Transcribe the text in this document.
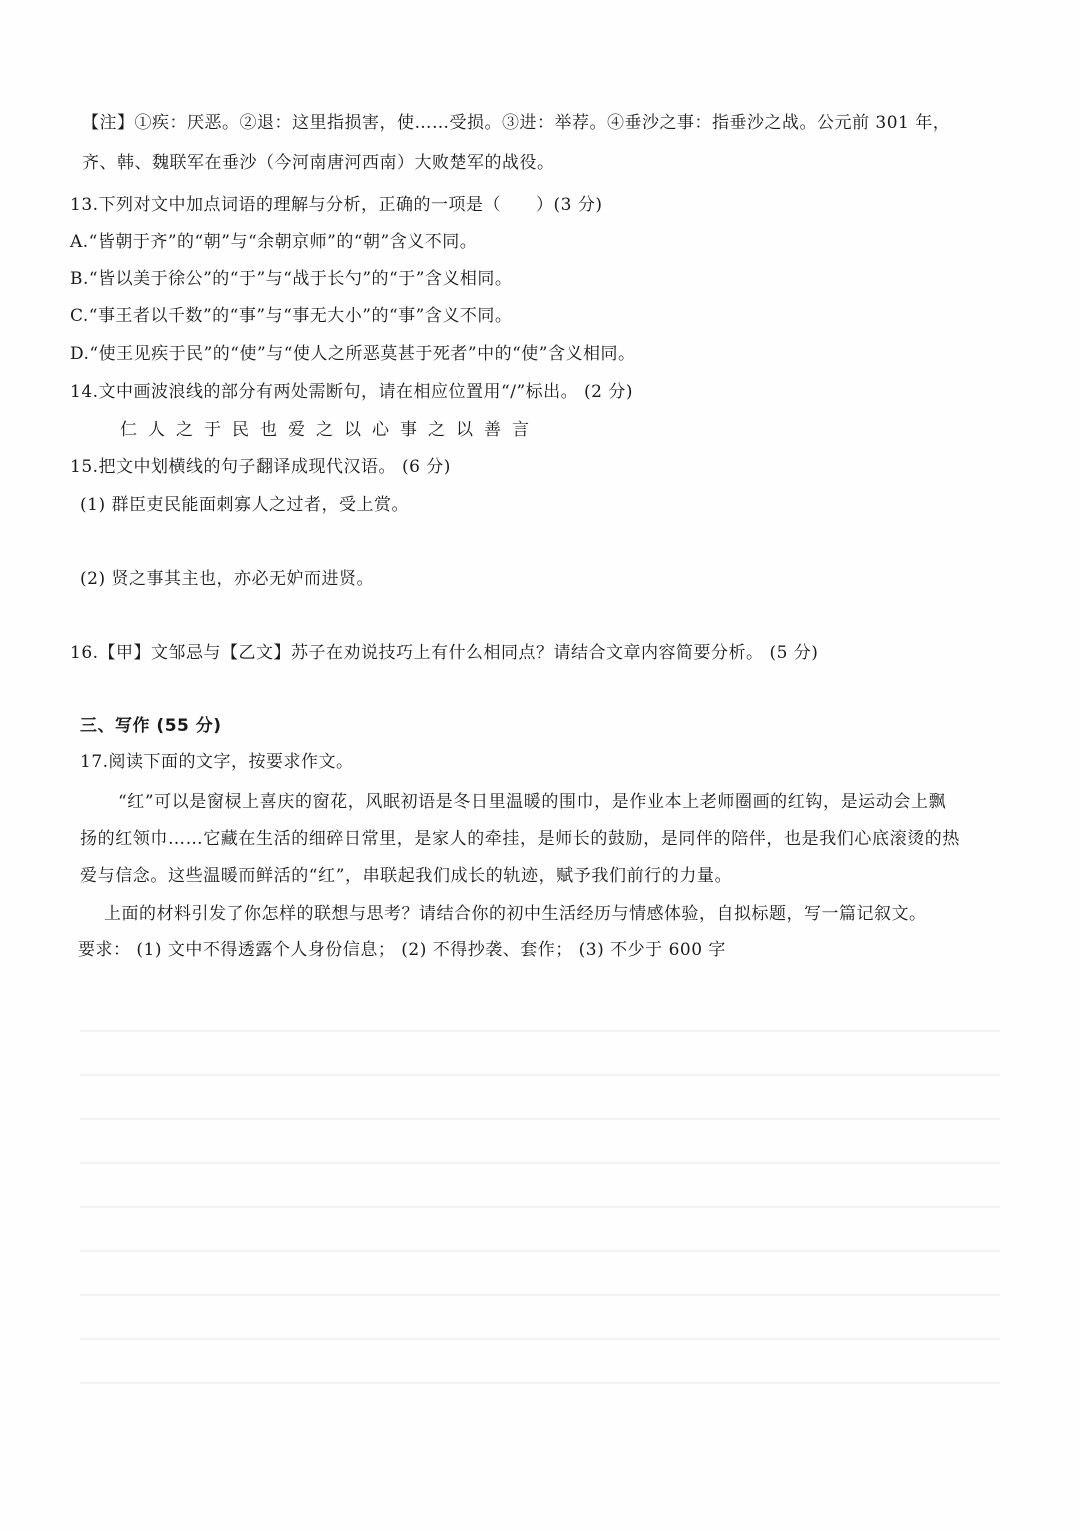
【注】①疾：厌恶。②退：这里指损害，使……受损。③进：举荐。④垂沙之事：指垂沙之战。公元前 301 年，
齐、韩、魏联军在垂沙（今河南唐河西南）大败楚军的战役。
13.下列对文中加点词语的理解与分析，正确的一项是（　　）(3 分)
A.“皆朝于齐”的“朝”与“余朝京师”的“朝”含义不同。
B.“皆以美于徐公”的“于”与“战于长勺”的“于”含义相同。
C.“事王者以千数”的“事”与“事无大小”的“事”含义不同。
D.“使王见疾于民”的“使”与“使人之所恶莫甚于死者”中的“使”含义相同。
14.文中画波浪线的部分有两处需断句，请在相应位置用“/”标出。 (2 分)
仁人之于民也爱之以心事之以善言
15.把文中划横线的句子翻译成现代汉语。 (6 分)
(1) 群臣吏民能面刺寡人之过者，受上赏。
(2) 贤之事其主也，亦必无妒而进贤。
16.【甲】文邹忌与【乙文】苏子在劝说技巧上有什么相同点？请结合文章内容简要分析。 (5 分)
三、写作 (55 分)
17.阅读下面的文字，按要求作文。
“红”可以是窗棂上喜庆的窗花，风眠初语是冬日里温暖的围巾，是作业本上老师圈画的红钩，是运动会上飘
扬的红领巾……它藏在生活的细碎日常里，是家人的牵挂，是师长的鼓励，是同伴的陪伴，也是我们心底滚烫的热
爱与信念。这些温暖而鲜活的“红”，串联起我们成长的轨迹，赋予我们前行的力量。
上面的材料引发了你怎样的联想与思考？请结合你的初中生活经历与情感体验，自拟标题，写一篇记叙文。
要求： (1) 文中不得透露个人身份信息； (2) 不得抄袭、套作； (3) 不少于 600 字
